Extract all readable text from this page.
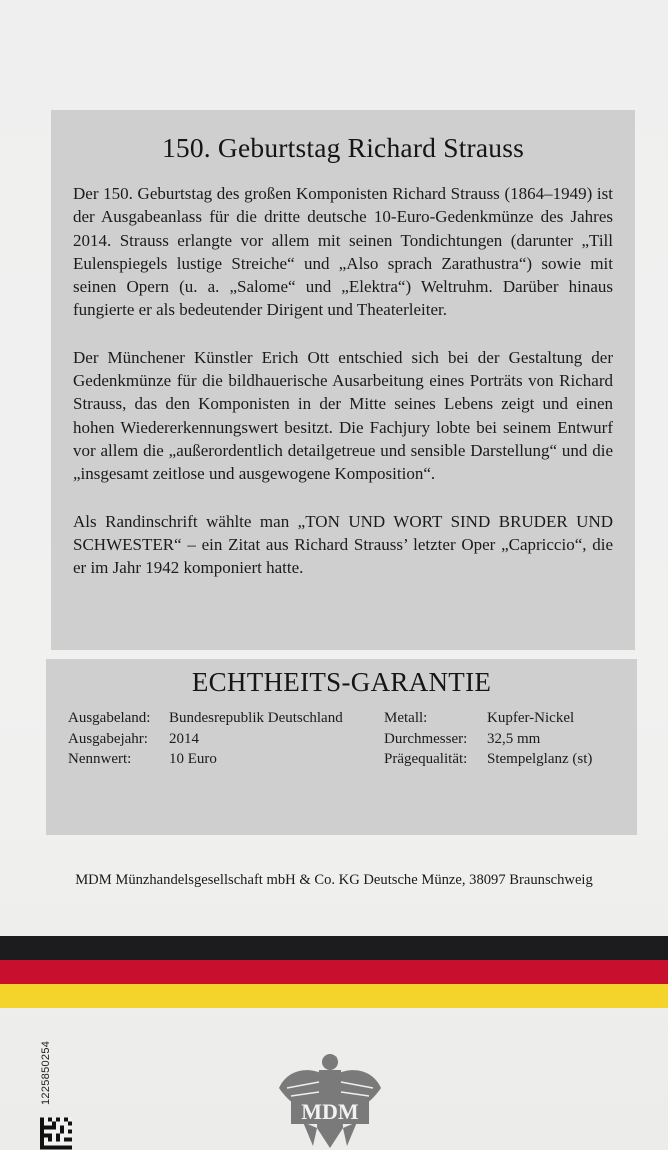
150. Geburtstag Richard Strauss

Der 150. Geburtstag des großen Komponisten Richard Strauss (1864–1949) ist der Ausgabeanlass für die dritte deutsche 10-Euro-Gedenkmünze des Jahres 2014. Strauss erlangte vor allem mit seinen Tondichtungen (darunter „Till Eulenspiegels lustige Streiche“ und „Also sprach Zarathustra“) sowie mit seinen Opern (u. a. „Salome“ und „Elektra“) Weltruhm. Darüber hinaus fungierte er als bedeutender Dirigent und Theaterleiter.

Der Münchener Künstler Erich Ott entschied sich bei der Gestaltung der Gedenkmünze für die bildhauerische Ausarbeitung eines Porträts von Richard Strauss, das den Komponisten in der Mitte seines Lebens zeigt und einen hohen Wiedererkennungswert besitzt. Die Fachjury lobte bei seinem Entwurf vor allem die „außerordentlich detailgetreue und sensible Darstellung“ und die „insgesamt zeitlose und ausgewogene Komposition“.

Als Randinschrift wählte man „TON UND WORT SIND BRUDER UND SCHWESTER“ – ein Zitat aus Richard Strauss’ letzter Oper „Capriccio“, die er im Jahr 1942 komponiert hatte.

ECHTHEITS-GARANTIE
Ausgabeland:	Bundesrepublik Deutschland	Metall:	Kupfer-Nickel
Ausgabejahr:	2014	Durchmesser:	32,5 mm
Nennwert:	10 Euro	Prägequalität:	Stempelglanz (st)
MDM Münzhandelsgesellschaft mbH & Co. KG Deutsche Münze, 38097 Braunschweig
1225850254
MDM
